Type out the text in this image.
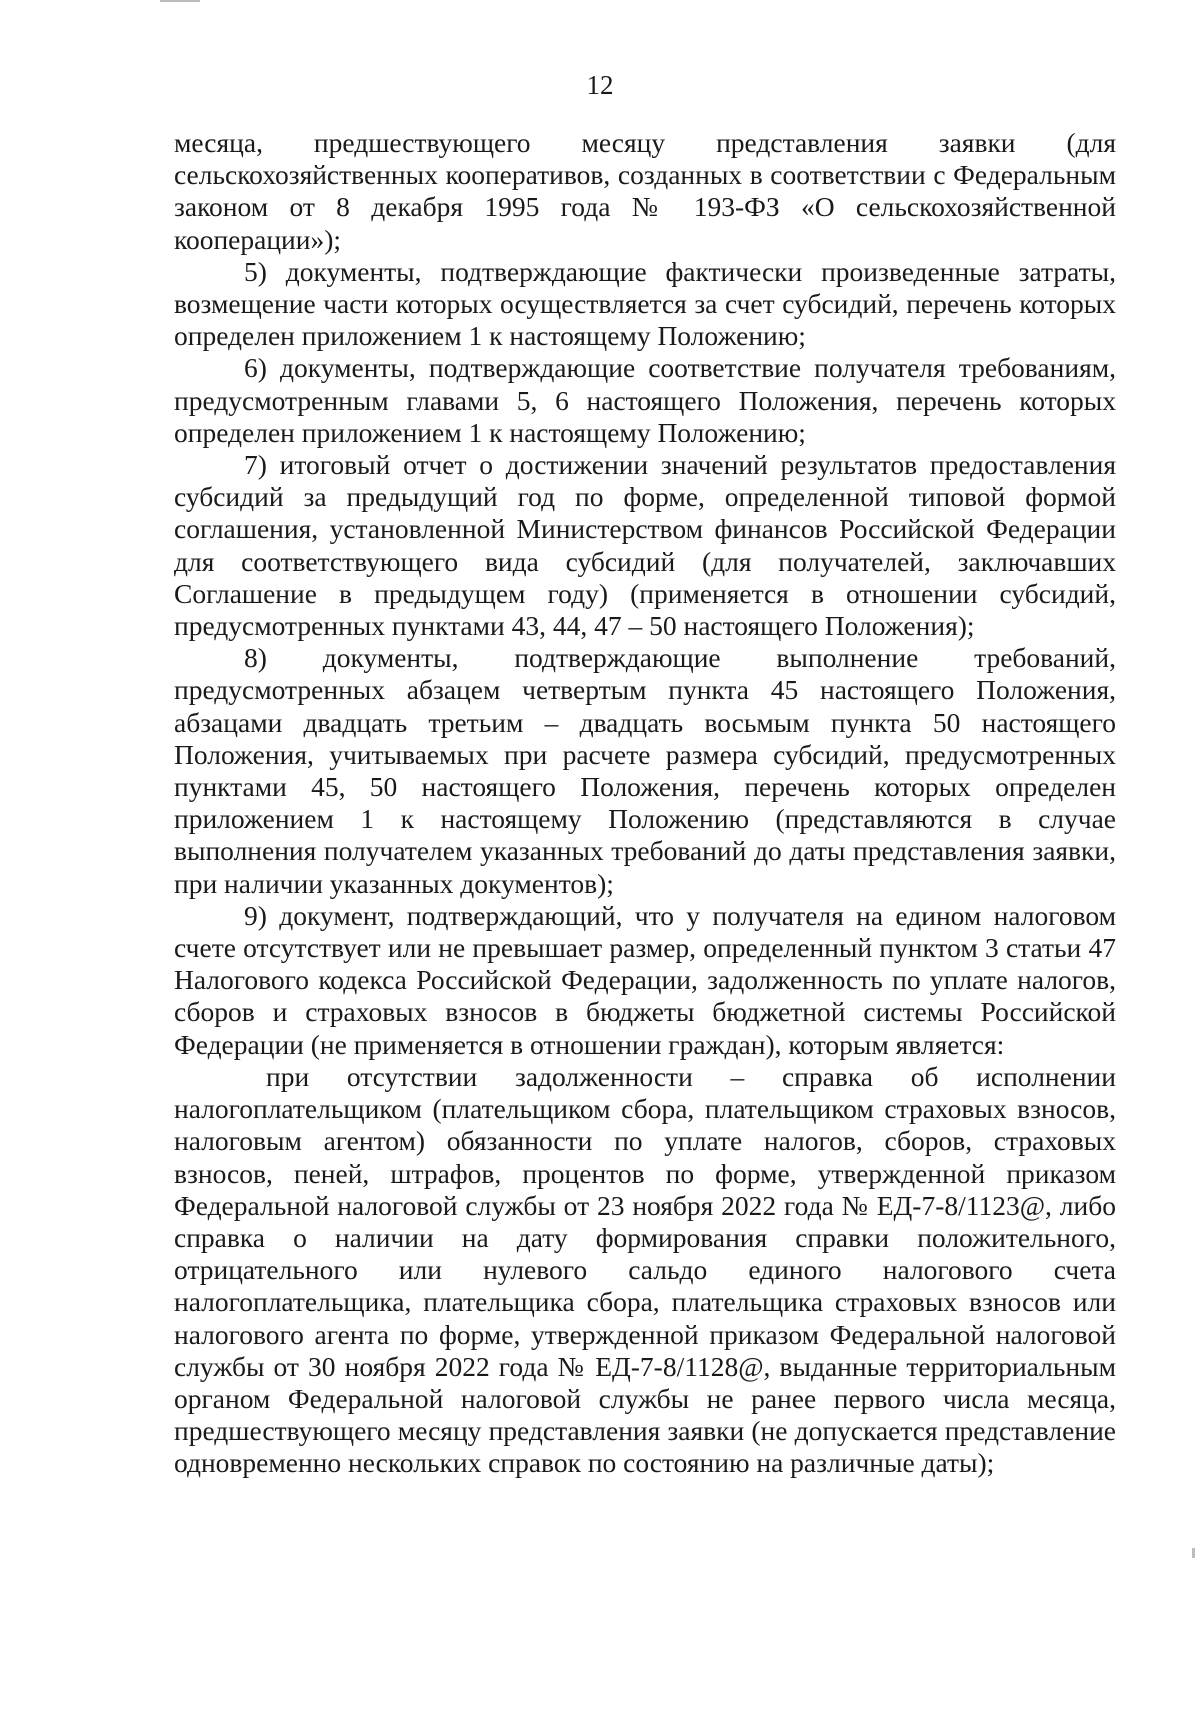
12

месяца, предшествующего месяцу представления заявки (для сельскохозяйственных кооперативов, созданных в соответствии с Федеральным законом от 8 декабря 1995 года № 193-ФЗ «О сельскохозяйственной кооперации»);

5) документы, подтверждающие фактически произведенные затраты, возмещение части которых осуществляется за счет субсидий, перечень которых определен приложением 1 к настоящему Положению;

6) документы, подтверждающие соответствие получателя требованиям, предусмотренным главами 5, 6 настоящего Положения, перечень которых определен приложением 1 к настоящему Положению;

7) итоговый отчет о достижении значений результатов предоставления субсидий за предыдущий год по форме, определенной типовой формой соглашения, установленной Министерством финансов Российской Федерации для соответствующего вида субсидий (для получателей, заключавших Соглашение в предыдущем году) (применяется в отношении субсидий, предусмотренных пунктами 43, 44, 47 – 50 настоящего Положения);

8) документы, подтверждающие выполнение требований, предусмотренных абзацем четвертым пункта 45 настоящего Положения, абзацами двадцать третьим – двадцать восьмым пункта 50 настоящего Положения, учитываемых при расчете размера субсидий, предусмотренных пунктами 45, 50 настоящего Положения, перечень которых определен приложением 1 к настоящему Положению (представляются в случае выполнения получателем указанных требований до даты представления заявки, при наличии указанных документов);

9) документ, подтверждающий, что у получателя на едином налоговом счете отсутствует или не превышает размер, определенный пунктом 3 статьи 47 Налогового кодекса Российской Федерации, задолженность по уплате налогов, сборов и страховых взносов в бюджеты бюджетной системы Российской Федерации (не применяется в отношении граждан), которым является:

при отсутствии задолженности – справка об исполнении налогоплательщиком (плательщиком сбора, плательщиком страховых взносов, налоговым агентом) обязанности по уплате налогов, сборов, страховых взносов, пеней, штрафов, процентов по форме, утвержденной приказом Федеральной налоговой службы от 23 ноября 2022 года № ЕД-7-8/1123@, либо справка о наличии на дату формирования справки положительного, отрицательного или нулевого сальдо единого налогового счета налогоплательщика, плательщика сбора, плательщика страховых взносов или налогового агента по форме, утвержденной приказом Федеральной налоговой службы от 30 ноября 2022 года № ЕД-7-8/1128@, выданные территориальным органом Федеральной налоговой службы не ранее первого числа месяца, предшествующего месяцу представления заявки (не допускается представление одновременно нескольких справок по состоянию на различные даты);
